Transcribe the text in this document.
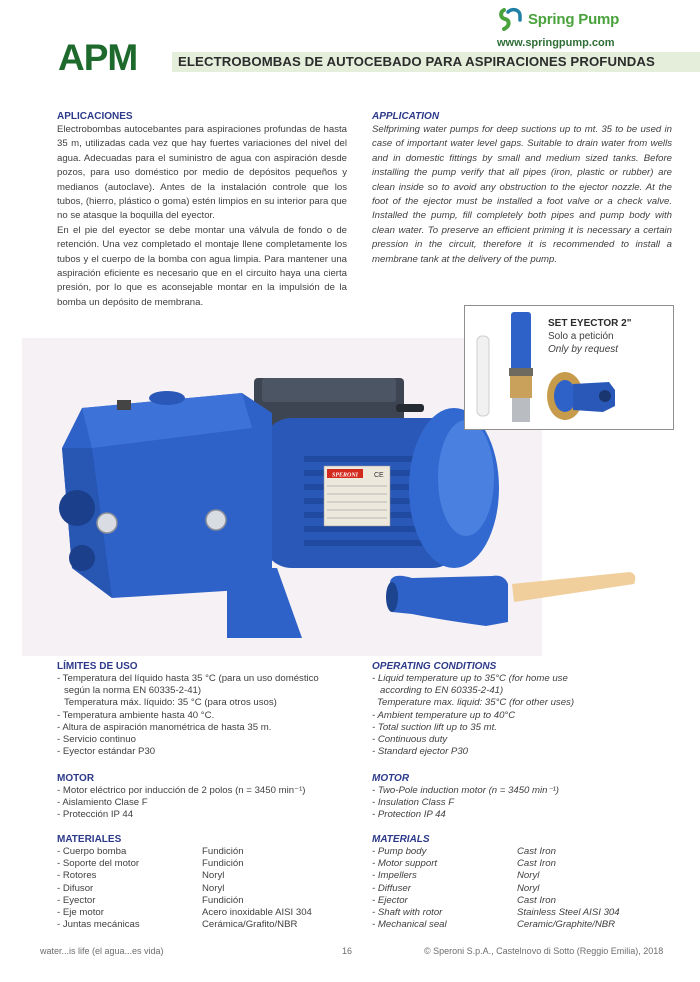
Spring Pump
www.springpump.com
APM	ELECTROBOMBAS DE AUTOCEBADO PARA ASPIRACIONES PROFUNDAS
APLICACIONES

Electrobombas autocebantes para aspiraciones profundas de hasta 35 m, utilizadas cada vez que hay fuertes variaciones del nivel del agua. Adecuadas para el suministro de agua con aspiración desde pozos, para uso doméstico por medio de depósitos pequeños y medianos (autoclave). Antes de la instalación controle que los tubos, (hierro, plástico o goma) estén limpios en su interior para que no se atasque la boquilla del eyector.

En el pie del eyector se debe montar una válvula de fondo o de retención. Una vez completado el montaje llene completamente los tubos y el cuerpo de la bomba con agua limpia. Para mantener una aspiración eficiente es necesario que en el circuito haya una cierta presión, por lo que es aconsejable montar en la impulsión de la bomba un depósito de membrana.

APPLICATION

Selfpriming water pumps for deep suctions up to mt. 35 to be used in case of important water level gaps. Suitable to drain water from wells and in domestic fittings by small and medium sized tanks. Before installing the pump verify that all pipes (iron, plastic or rubber) are clean inside so to avoid any obstruction to the ejector nozzle. At the foot of the ejector must be installed a foot valve or a check valve. Installed the pump, fill completely both pipes and pump body with clean water. To preserve an efficient priming it is necessary a certain pression in the circuit, therefore it is recommended to install a membrane tank at the delivery of the pump.

SPERONI CE
SET EYECTOR 2"
Solo a petición
Only by request
LÍMITES DE USO
- Temperatura del líquido hasta 35 °C (para un uso doméstico
según la norma EN 60335-2-41)
Temperatura máx. líquido: 35 °C (para otros usos)
- Temperatura ambiente hasta 40 °C.
- Altura de aspiración manométrica de hasta 35 m.
- Servicio continuo
- Eyector estándar P30
OPERATING CONDITIONS
- Liquid temperature up to 35°C (for home use
according to EN 60335-2-41)
Temperature max. liquid: 35°C (for other uses)
- Ambient temperature up to 40°C
- Total suction lift up to 35 mt.
- Continuous duty
- Standard ejector P30
MOTOR
- Motor eléctrico por inducción de 2 polos (n = 3450 min⁻¹)
- Aislamiento Clase F
- Protección IP 44
MOTOR
- Two-Pole induction motor (n = 3450 min⁻¹)
- Insulation Class F
- Protection IP 44
MATERIALES
- Cuerpo bomba	Fundición
- Soporte del motor	Fundición
- Rotores	Noryl
- Difusor	Noryl
- Eyector	Fundición
- Eje motor	Acero inoxidable AISI 304
- Juntas mecánicas	Cerámica/Grafito/NBR
MATERIALS
- Pump body	Cast Iron
- Motor support	Cast Iron
- Impellers	Noryl
- Diffuser	Noryl
- Ejector	Cast Iron
- Shaft with rotor	Stainless Steel AISI 304
- Mechanical seal	Ceramic/Graphite/NBR
water...is life (el agua...es vida)	16	© Speroni S.p.A., Castelnovo di Sotto (Reggio Emilia), 2018
